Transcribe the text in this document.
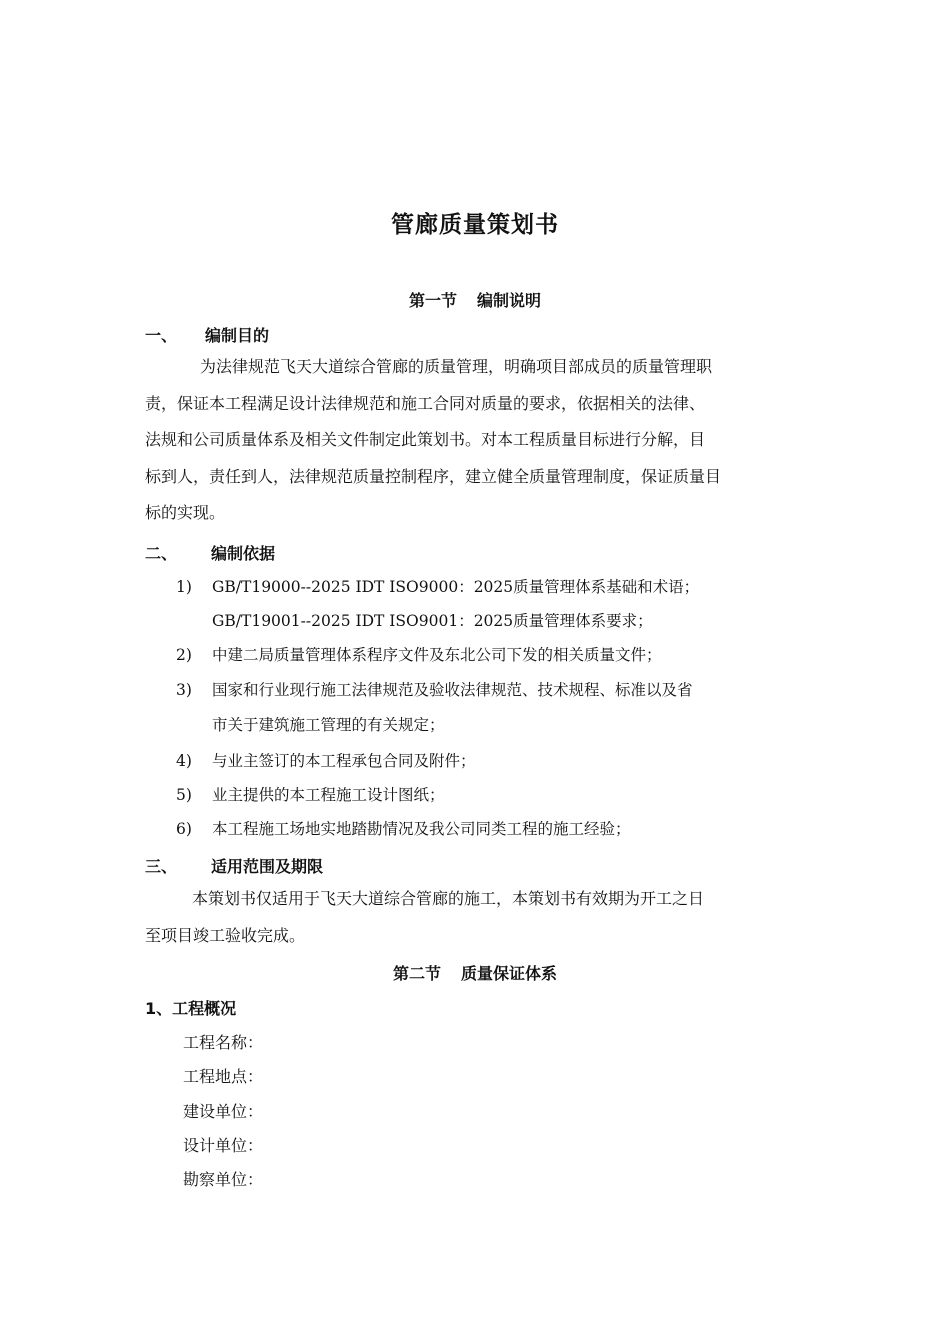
管廊质量策划书
第一节 编制说明
一、 编制目的
为法律规范飞天大道综合管廊的质量管理，明确项目部成员的质量管理职
责，保证本工程满足设计法律规范和施工合同对质量的要求，依据相关的法律、
法规和公司质量体系及相关文件制定此策划书。对本工程质量目标进行分解，目
标到人，责任到人，法律规范质量控制程序，建立健全质量管理制度，保证质量目
标的实现。
二、 编制依据
1) GB/T19000--2025 IDT ISO9000：2025质量管理体系基础和术语；
GB/T19001--2025 IDT ISO9001：2025质量管理体系要求；
2) 中建二局质量管理体系程序文件及东北公司下发的相关质量文件；
3) 国家和行业现行施工法律规范及验收法律规范、技术规程、标准以及省
市关于建筑施工管理的有关规定；
4) 与业主签订的本工程承包合同及附件；
5) 业主提供的本工程施工设计图纸；
6) 本工程施工场地实地踏勘情况及我公司同类工程的施工经验；
三、 适用范围及期限
本策划书仅适用于飞天大道综合管廊的施工，本策划书有效期为开工之日
至项目竣工验收完成。
第二节 质量保证体系
1、工程概况
工程名称：
工程地点：
建设单位：
设计单位：
勘察单位：
